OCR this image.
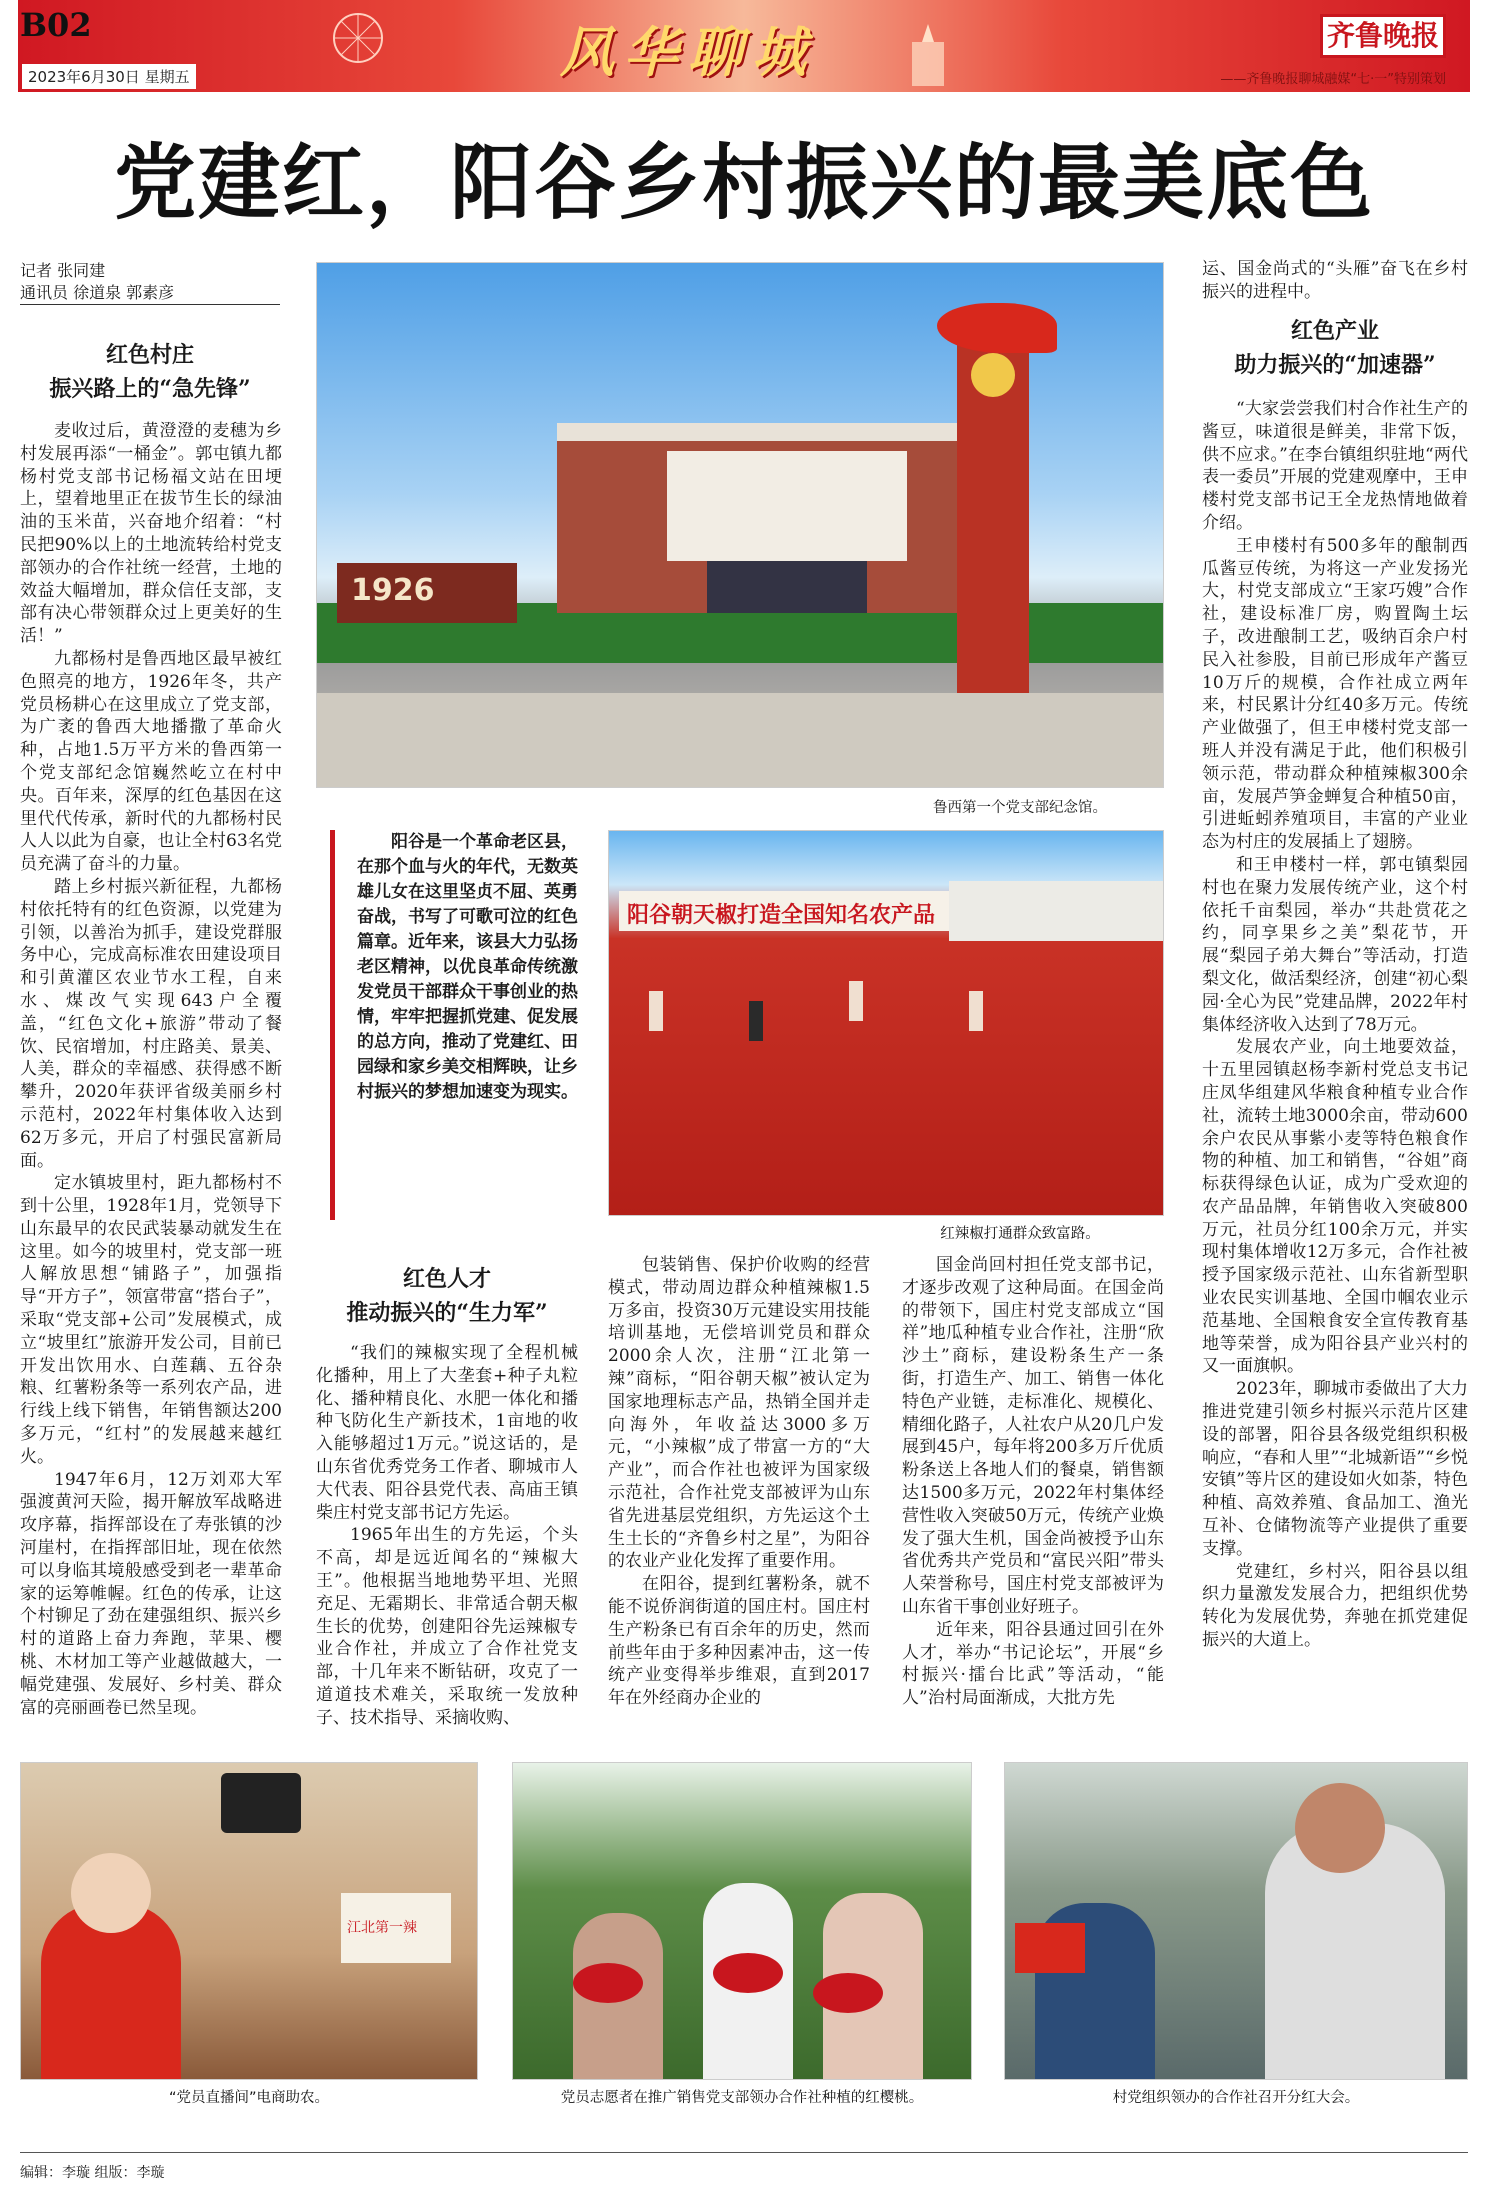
B02
2023年6月30日 星期五	风华聊城	齐鲁晚报
——齐鲁晚报聊城融媒“七·一”特别策划
党建红，阳谷乡村振兴的最美底色
记者 张同建
通讯员 徐道泉 郭素彦
红色村庄
振兴路上的“急先锋”

麦收过后，黄澄澄的麦穗为乡村发展再添“一桶金”。郭屯镇九都杨村党支部书记杨福文站在田埂上，望着地里正在拔节生长的绿油油的玉米苗，兴奋地介绍着：“村民把90%以上的土地流转给村党支部领办的合作社统一经营，土地的效益大幅增加，群众信任支部，支部有决心带领群众过上更美好的生活！”

九都杨村是鲁西地区最早被红色照亮的地方，1926年冬，共产党员杨耕心在这里成立了党支部，为广袤的鲁西大地播撒了革命火种，占地1.5万平方米的鲁西第一个党支部纪念馆巍然屹立在村中央。百年来，深厚的红色基因在这里代代传承，新时代的九都杨村民人人以此为自豪，也让全村63名党员充满了奋斗的力量。

踏上乡村振兴新征程，九都杨村依托特有的红色资源，以党建为引领，以善治为抓手，建设党群服务中心，完成高标准农田建设项目和引黄灌区农业节水工程，自来水、煤改气实现643户全覆盖，“红色文化+旅游”带动了餐饮、民宿增加，村庄路美、景美、人美，群众的幸福感、获得感不断攀升，2020年获评省级美丽乡村示范村，2022年村集体收入达到62万多元，开启了村强民富新局面。

定水镇坡里村，距九都杨村不到十公里，1928年1月，党领导下山东最早的农民武装暴动就发生在这里。如今的坡里村，党支部一班人解放思想“铺路子”，加强指导“开方子”，领富带富“搭台子”，采取“党支部+公司”发展模式，成立“坡里红”旅游开发公司，目前已开发出饮用水、白莲藕、五谷杂粮、红薯粉条等一系列农产品，进行线上线下销售，年销售额达200多万元，“红村”的发展越来越红火。

1947年6月，12万刘邓大军强渡黄河天险，揭开解放军战略进攻序幕，指挥部设在了寿张镇的沙河崖村，在指挥部旧址，现在依然可以身临其境般感受到老一辈革命家的运筹帷幄。红色的传承，让这个村铆足了劲在建强组织、振兴乡村的道路上奋力奔跑，苹果、樱桃、木材加工等产业越做越大，一幅党建强、发展好、乡村美、群众富的亮丽画卷已然呈现。

1926
鲁西第一个党支部纪念馆。
阳谷是一个革命老区县，在那个血与火的年代，无数英雄儿女在这里坚贞不屈、英勇奋战，书写了可歌可泣的红色篇章。近年来，该县大力弘扬老区精神，以优良革命传统激发党员干部群众干事创业的热情，牢牢把握抓党建、促发展的总方向，推动了党建红、田园绿和家乡美交相辉映，让乡村振兴的梦想加速变为现实。
阳谷朝天椒打造全国知名农产品
红辣椒打通群众致富路。
红色人才
推动振兴的“生力军”

“我们的辣椒实现了全程机械化播种，用上了大垄套+种子丸粒化、播种精良化、水肥一体化和播种飞防化生产新技术，1亩地的收入能够超过1万元。”说这话的，是山东省优秀党务工作者、聊城市人大代表、阳谷县党代表、高庙王镇柴庄村党支部书记方先运。

1965年出生的方先运，个头不高，却是远近闻名的“辣椒大王”。他根据当地地势平坦、光照充足、无霜期长、非常适合朝天椒生长的优势，创建阳谷先运辣椒专业合作社，并成立了合作社党支部，十几年来不断钻研，攻克了一道道技术难关，采取统一发放种子、技术指导、采摘收购、

包装销售、保护价收购的经营模式，带动周边群众种植辣椒1.5万多亩，投资30万元建设实用技能培训基地，无偿培训党员和群众2000余人次，注册“江北第一辣”商标，“阳谷朝天椒”被认定为国家地理标志产品，热销全国并走向海外，年收益达3000多万元，“小辣椒”成了带富一方的“大产业”，而合作社也被评为国家级示范社，合作社党支部被评为山东省先进基层党组织，方先运这个土生土长的“齐鲁乡村之星”，为阳谷的农业产业化发挥了重要作用。

在阳谷，提到红薯粉条，就不能不说侨润街道的国庄村。国庄村生产粉条已有百余年的历史，然而前些年由于多种因素冲击，这一传统产业变得举步维艰，直到2017年在外经商办企业的

国金尚回村担任党支部书记，才逐步改观了这种局面。在国金尚的带领下，国庄村党支部成立“国祥”地瓜种植专业合作社，注册“欣沙土”商标，建设粉条生产一条街，打造生产、加工、销售一体化特色产业链，走标准化、规模化、精细化路子，人社农户从20几户发展到45户，每年将200多万斤优质粉条送上各地人们的餐桌，销售额达1500多万元，2022年村集体经营性收入突破50万元，传统产业焕发了强大生机，国金尚被授予山东省优秀共产党员和“富民兴阳”带头人荣誉称号，国庄村党支部被评为山东省干事创业好班子。

近年来，阳谷县通过回引在外人才，举办“书记论坛”，开展“乡村振兴·擂台比武”等活动，“能人”治村局面渐成，大批方先

运、国金尚式的“头雁”奋飞在乡村振兴的进程中。

红色产业
助力振兴的“加速器”

“大家尝尝我们村合作社生产的酱豆，味道很是鲜美，非常下饭，供不应求。”在李台镇组织驻地“两代表一委员”开展的党建观摩中，王申楼村党支部书记王全龙热情地做着介绍。

王申楼村有500多年的酿制西瓜酱豆传统，为将这一产业发扬光大，村党支部成立“王家巧嫂”合作社，建设标准厂房，购置陶土坛子，改进酿制工艺，吸纳百余户村民入社参股，目前已形成年产酱豆10万斤的规模，合作社成立两年来，村民累计分红40多万元。传统产业做强了，但王申楼村党支部一班人并没有满足于此，他们积极引领示范，带动群众种植辣椒300余亩，发展芦笋金蝉复合种植50亩，引进蚯蚓养殖项目，丰富的产业业态为村庄的发展插上了翅膀。

和王申楼村一样，郭屯镇梨园村也在聚力发展传统产业，这个村依托千亩梨园，举办“共赴赏花之约，同享果乡之美”梨花节，开展“梨园子弟大舞台”等活动，打造梨文化，做活梨经济，创建“初心梨园·全心为民”党建品牌，2022年村集体经济收入达到了78万元。

发展农产业，向土地要效益，十五里园镇赵杨李新村党总支书记庄凤华组建风华粮食种植专业合作社，流转土地3000余亩，带动600余户农民从事紫小麦等特色粮食作物的种植、加工和销售，“谷姐”商标获得绿色认证，成为广受欢迎的农产品品牌，年销售收入突破800万元，社员分红100余万元，并实现村集体增收12万多元，合作社被授予国家级示范社、山东省新型职业农民实训基地、全国巾帼农业示范基地、全国粮食安全宣传教育基地等荣誉，成为阳谷县产业兴村的又一面旗帜。

2023年，聊城市委做出了大力推进党建引领乡村振兴示范片区建设的部署，阳谷县各级党组织积极响应，“春和人里”“北城新语”“乡悦安镇”等片区的建设如火如荼，特色种植、高效养殖、食品加工、渔光互补、仓储物流等产业提供了重要支撑。

党建红，乡村兴，阳谷县以组织力量激发发展合力，把组织优势转化为发展优势，奔驰在抓党建促振兴的大道上。

江北第一辣
“党员直播间”电商助农。	党员志愿者在推广销售党支部领办合作社种植的红樱桃。	村党组织领办的合作社召开分红大会。
编辑：李璇 组版：李璇
